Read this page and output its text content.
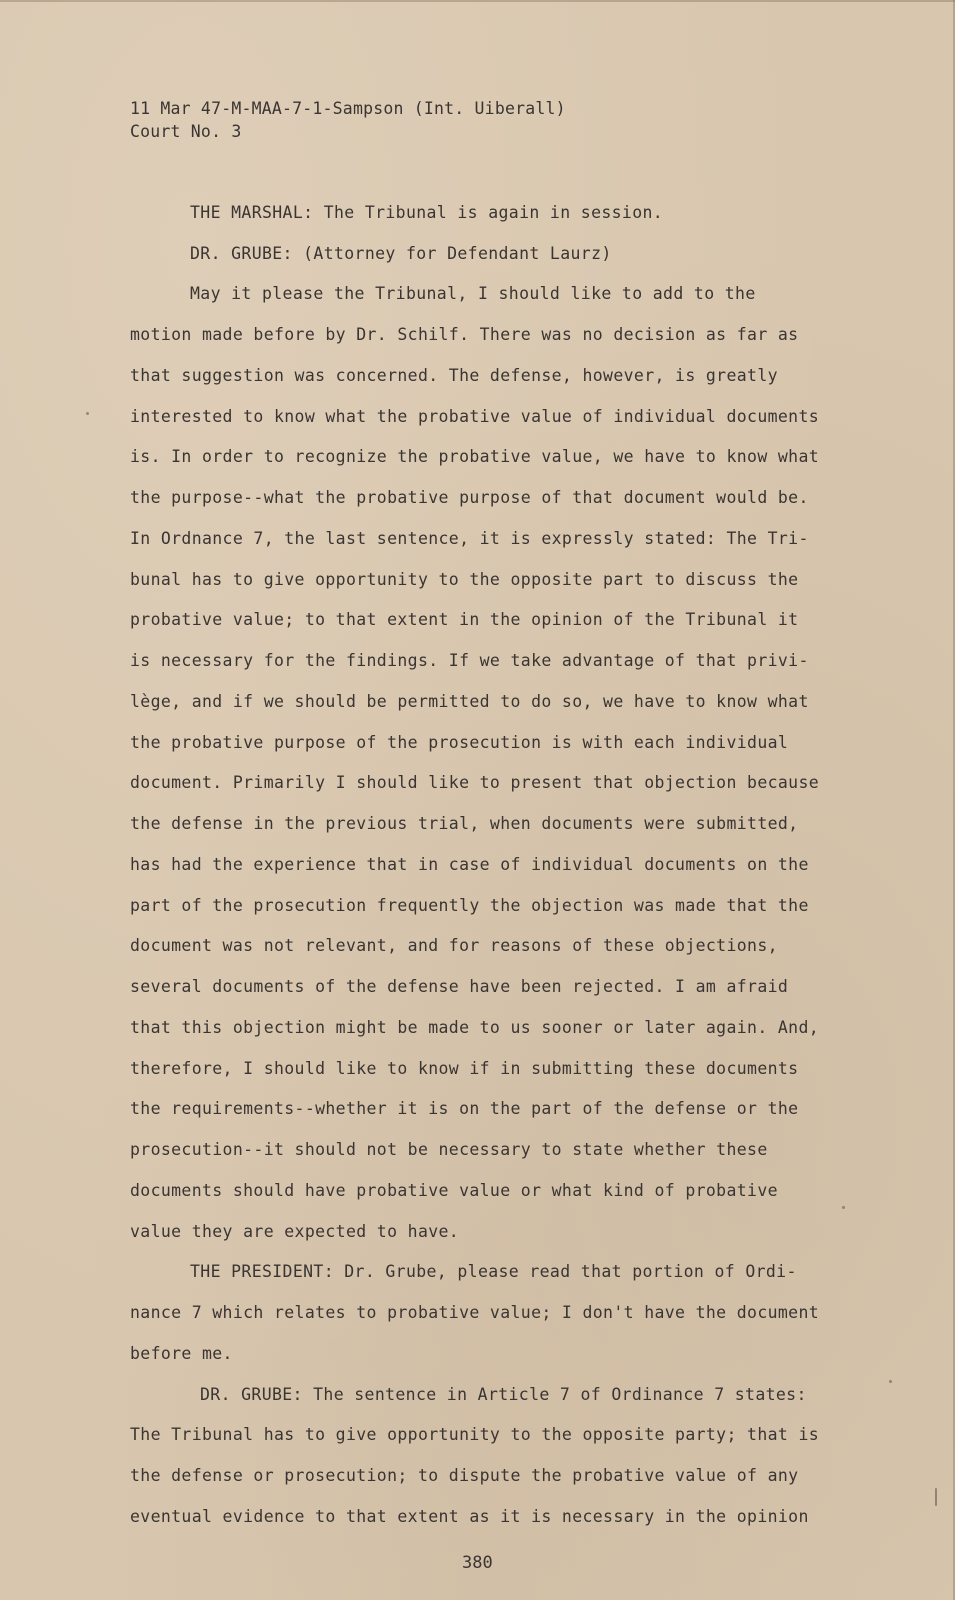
11 Mar 47-M-MAA-7-1-Sampson (Int. Uiberall)
Court No. 3
THE MARSHAL: The Tribunal is again in session.
DR. GRUBE: (Attorney for Defendant Laurz)
May it please the Tribunal, I should like to add to the
motion made before by Dr. Schilf. There was no decision as far as
that suggestion was concerned. The defense, however, is greatly
interested to know what the probative value of individual documents
is. In order to recognize the probative value, we have to know what
the purpose--what the probative purpose of that document would be.
In Ordnance 7, the last sentence, it is expressly stated: The Tri-
bunal has to give opportunity to the opposite part to discuss the
probative value; to that extent in the opinion of the Tribunal it
is necessary for the findings. If we take advantage of that privi-
lège, and if we should be permitted to do so, we have to know what
the probative purpose of the prosecution is with each individual
document. Primarily I should like to present that objection because
the defense in the previous trial, when documents were submitted,
has had the experience that in case of individual documents on the
part of the prosecution frequently the objection was made that the
document was not relevant, and for reasons of these objections,
several documents of the defense have been rejected. I am afraid
that this objection might be made to us sooner or later again. And,
therefore, I should like to know if in submitting these documents
the requirements--whether it is on the part of the defense or the
prosecution--it should not be necessary to state whether these
documents should have probative value or what kind of probative
value they are expected to have.
THE PRESIDENT: Dr. Grube, please read that portion of Ordi-
nance 7 which relates to probative value; I don't have the document
before me.
DR. GRUBE: The sentence in Article 7 of Ordinance 7 states:
The Tribunal has to give opportunity to the opposite party; that is
the defense or prosecution; to dispute the probative value of any
eventual evidence to that extent as it is necessary in the opinion
380
